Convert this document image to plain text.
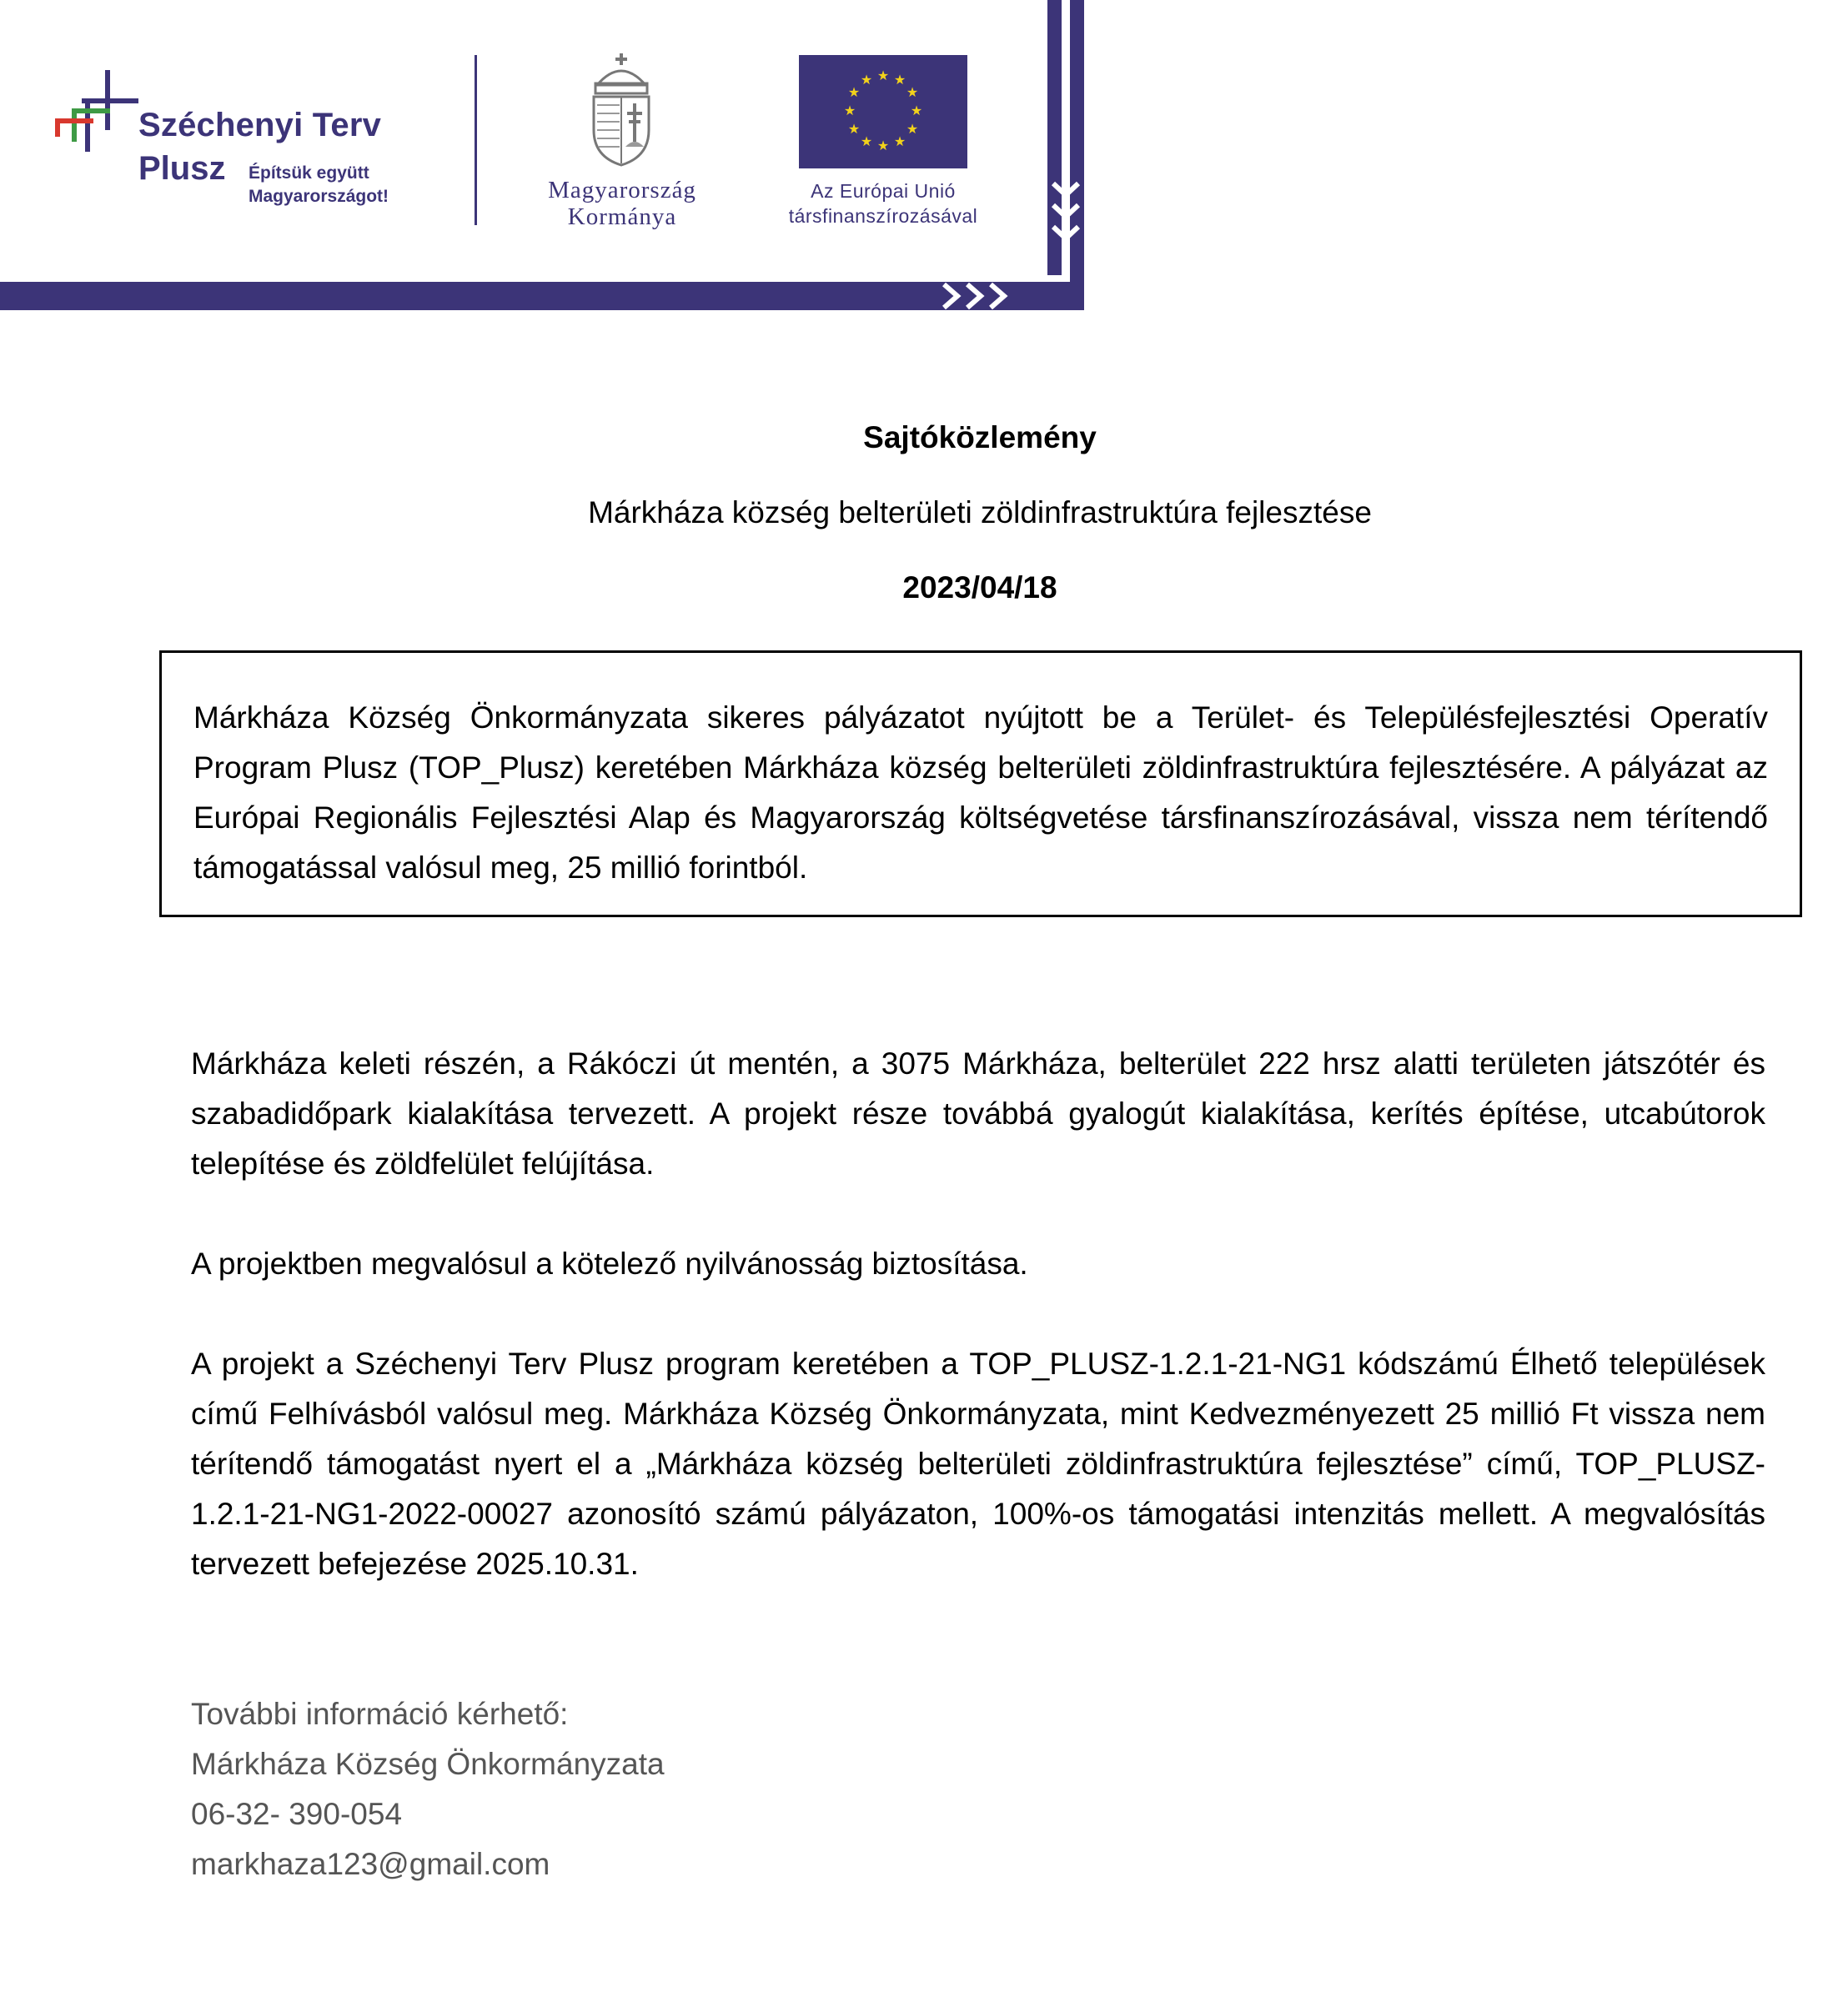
Széchenyi Terv
Plusz Építsük együtt
Magyarországot!	Magyarország
Kormánya
★ ★
★
★
★
★
★
★
★
★
★
★
Az Európai Unió
társfinanszírozásával
Sajtóközlemény
Márkháza község belterületi zöldinfrastruktúra fejlesztése
2023/04/18
Márkháza Község Önkormányzata sikeres pályázatot nyújtott be a Terület- és Településfejlesztési Operatív Program Plusz (TOP_Plusz) keretében Márkháza község belterületi zöldinfrastruktúra fejlesztésére. A pályázat az Európai Regionális Fejlesztési Alap és Magyarország költségvetése társfinanszírozásával, vissza nem térítendő támogatással valósul meg, 25 millió forintból.
Márkháza keleti részén, a Rákóczi út mentén, a 3075 Márkháza, belterület 222 hrsz alatti területen játszótér és szabadidőpark kialakítása tervezett. A projekt része továbbá gyalogút kialakítása, kerítés építése, utcabútorok telepítése és zöldfelület felújítása.
A projektben megvalósul a kötelező nyilvánosság biztosítása.
A projekt a Széchenyi Terv Plusz program keretében a TOP_PLUSZ-1.2.1-21-NG1 kódszámú Élhető települések című Felhívásból valósul meg. Márkháza Község Önkormányzata, mint Kedvezményezett 25 millió Ft vissza nem térítendő támogatást nyert el a „Márkháza község belterületi zöldinfrastruktúra fejlesztése” című, TOP_PLUSZ-1.2.1-21-NG1-2022-00027 azonosító számú pályázaton, 100%-os támogatási intenzitás mellett. A megvalósítás tervezett befejezése 2025.10.31.
További információ kérhető:
Márkháza Község Önkormányzata
06-32- 390-054
markhaza123@gmail.com
